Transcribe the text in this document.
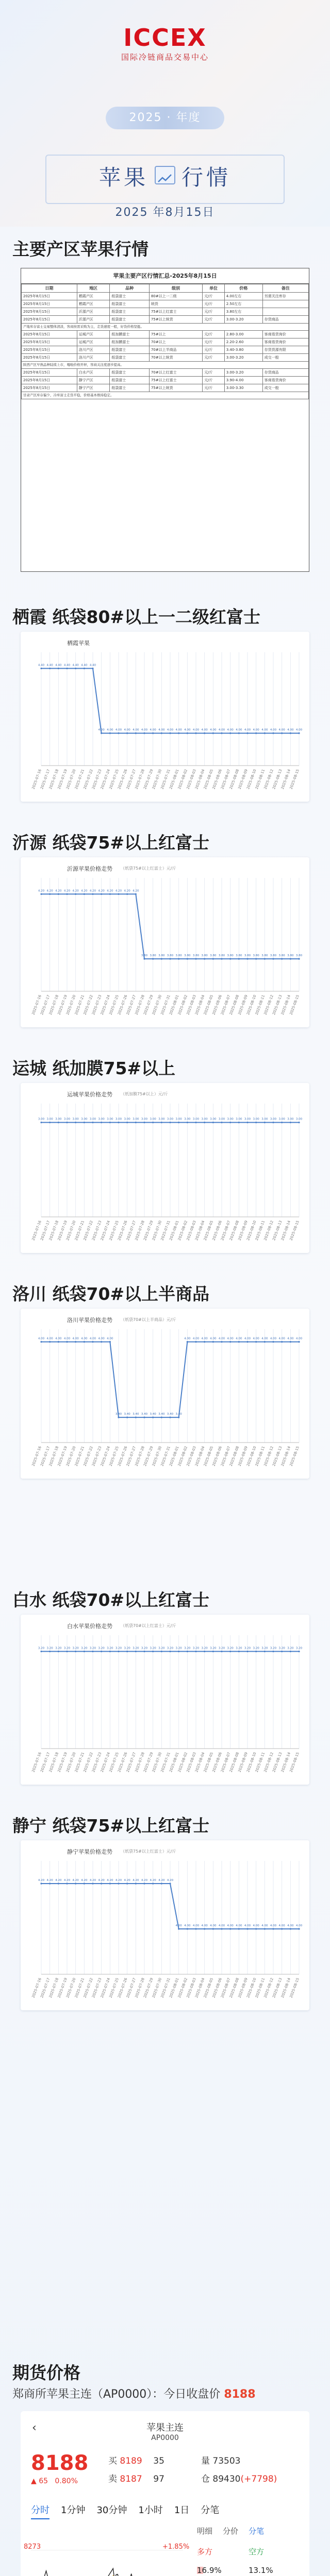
ICCEX
国际冷链商品交易中心
2025 · 年度
苹果 行情
2025 年8月15日
主要产区苹果行情
苹果主要产区行情汇总-2025年8月15日
日期	地区	品种	级别	单位	价格	备注
2025年8月15日	栖霞产区	纸袋富士	80#以上一二级	元/斤	4.00左右	另需关注库存
2025年8月15日	栖霞产区	纸袋富士	统货	元/斤	2.50左右	
2025年8月15日	沂源产区	纸袋富士	75#以上红富士	元/斤	3.80左右	
2025年8月15日	沂源产区	纸袋富士	75#以上统货	元/斤	3.00-3.20	存货商品
产地库存富士交易整体清淡，客商按需采购为主，走货速度一般，好货价格坚挺。						
2025年8月15日	运城产区	纸加膜富士	75#以上	元/斤	2.80-3.00	客商看货询价
2025年8月15日	运城产区	纸加膜富士	70#以上	元/斤	2.20-2.60	客商看货询价
2025年8月15日	洛川产区	纸袋富士	70#以上半商品	元/斤	3.40-3.80	存货货源有限
2025年8月15日	洛川产区	纸袋富士	70#以上统货	元/斤	3.00-3.20	成交一般
陕西产区早熟品种陆续上市，嘎啦价格开秤，客商关注度逐步提高。						
2025年8月15日	白水产区	纸袋富士	70#以上红富士	元/斤	3.00-3.20	存货商品
2025年8月15日	静宁产区	纸袋富士	75#以上红富士	元/斤	3.90-4.00	客商看货询价
2025年8月15日	静宁产区	纸袋富士	75#以上统货	元/斤	3.00-3.30	成交一般
甘肃产区库存偏少，冷库富士走货平稳，价格基本维持稳定。						
栖霞 纸袋80#以上一二级红富士
栖霞苹果
4.40 4.40 4.40 4.40 4.40 4.40 4.40
4.00 4.00 4.00 4.00 4.00 4.00 4.00 4.00 4.00 4.00 4.00 4.00 4.00 4.00 4.00 4.00 4.00 4.00 4.00 4.00 4.00 4.00 4.00 4.00
2025-07-16
2025-07-17
2025-07-18
2025-07-19
2025-07-20
2025-07-21
2025-07-22
2025-07-23
2025-07-24
2025-07-25
2025-07-26
2025-07-27
2025-07-28
2025-07-29
2025-07-30
2025-07-31
2025-08-01
2025-08-02
2025-08-03
2025-08-04
2025-08-05
2025-08-06
2025-08-07
2025-08-08
2025-08-09
2025-08-10
2025-08-11
2025-08-12
2025-08-13
2025-08-14
2025-08-15
沂源 纸袋75#以上红富士
沂源苹果价格走势 （纸袋75#以上红富士）元/斤
4.20 4.20 4.20 4.20 4.20 4.20 4.20 4.20 4.20 4.20 4.20 4.20
3.80 3.80 3.80 3.80 3.80 3.80 3.80 3.80 3.80 3.80 3.80 3.80 3.80 3.80 3.80 3.80 3.80 3.80 3.80
2025-07-16
2025-07-17
2025-07-18
2025-07-19
2025-07-20
2025-07-21
2025-07-22
2025-07-23
2025-07-24
2025-07-25
2025-07-26
2025-07-27
2025-07-28
2025-07-29
2025-07-30
2025-07-31
2025-08-01
2025-08-02
2025-08-03
2025-08-04
2025-08-05
2025-08-06
2025-08-07
2025-08-08
2025-08-09
2025-08-10
2025-08-11
2025-08-12
2025-08-13
2025-08-14
2025-08-15
运城 纸加膜75#以上
运城苹果价格走势 （纸加膜75#以上）元/斤
3.00 3.00 3.00 3.00 3.00 3.00 3.00 3.00 3.00 3.00 3.00 3.00 3.00 3.00 3.00 3.00 3.00 3.00 3.00 3.00 3.00 3.00 3.00 3.00 3.00 3.00 3.00 3.00 3.00 3.00 3.00
2025-07-16
2025-07-17
2025-07-18
2025-07-19
2025-07-20
2025-07-21
2025-07-22
2025-07-23
2025-07-24
2025-07-25
2025-07-26
2025-07-27
2025-07-28
2025-07-29
2025-07-30
2025-07-31
2025-08-01
2025-08-02
2025-08-03
2025-08-04
2025-08-05
2025-08-06
2025-08-07
2025-08-08
2025-08-09
2025-08-10
2025-08-11
2025-08-12
2025-08-13
2025-08-14
2025-08-15
洛川 纸袋70#以上半商品
洛川苹果价格走势 （纸袋70#以上半商品）元/斤
4.00 4.00 4.00 4.00 4.00 4.00 4.00 4.00 4.00
3.40 3.40 3.40 3.40 3.40 3.40 3.40 3.40
4.00 4.00 4.00 4.00 4.00 4.00 4.00 4.00 4.00 4.00 4.00 4.00 4.00 4.00
2025-07-16
2025-07-17
2025-07-18
2025-07-19
2025-07-20
2025-07-21
2025-07-22
2025-07-23
2025-07-24
2025-07-25
2025-07-26
2025-07-27
2025-07-28
2025-07-29
2025-07-30
2025-07-31
2025-08-01
2025-08-02
2025-08-03
2025-08-04
2025-08-05
2025-08-06
2025-08-07
2025-08-08
2025-08-09
2025-08-10
2025-08-11
2025-08-12
2025-08-13
2025-08-14
2025-08-15
白水 纸袋70#以上红富士
白水苹果价格走势 （纸袋70#以上红富士）元/斤
3.20 3.20 3.20 3.20 3.20 3.20 3.20 3.20 3.20 3.20 3.20 3.20 3.20 3.20 3.20 3.20 3.20 3.20 3.20 3.20 3.20 3.20 3.20 3.20 3.20 3.20 3.20 3.20 3.20 3.20 3.20
2025-07-16
2025-07-17
2025-07-18
2025-07-19
2025-07-20
2025-07-21
2025-07-22
2025-07-23
2025-07-24
2025-07-25
2025-07-26
2025-07-27
2025-07-28
2025-07-29
2025-07-30
2025-07-31
2025-08-01
2025-08-02
2025-08-03
2025-08-04
2025-08-05
2025-08-06
2025-08-07
2025-08-08
2025-08-09
2025-08-10
2025-08-11
2025-08-12
2025-08-13
2025-08-14
2025-08-15
静宁 纸袋75#以上红富士
静宁苹果价格走势 （纸袋75#以上红富士）元/斤
4.20 4.20 4.20 4.20 4.20 4.20 4.20 4.20 4.20 4.20 4.20 4.20 4.20 4.20 4.20 4.20
4.00 4.00 4.00 4.00 4.00 4.00 4.00 4.00 4.00 4.00 4.00 4.00 4.00 4.00 4.00
2025-07-16
2025-07-17
2025-07-18
2025-07-19
2025-07-20
2025-07-21
2025-07-22
2025-07-23
2025-07-24
2025-07-25
2025-07-26
2025-07-27
2025-07-28
2025-07-29
2025-07-30
2025-07-31
2025-08-01
2025-08-02
2025-08-03
2025-08-04
2025-08-05
2025-08-06
2025-08-07
2025-08-08
2025-08-09
2025-08-10
2025-08-11
2025-08-12
2025-08-13
2025-08-14
2025-08-15
期货价格
郑商所苹果主连（AP0000）：今日收盘价 8188
‹	苹果主连
AP0000
8188
▲ 65 0.80%
买 8189 35
卖 8187 97
量 73503
仓 89430(+7798)
分时 1分钟 30分钟 1小时 1日 分笔
明细 分价 分笔
8273	+1.85%
多方	空方
16.9%	13.1%
